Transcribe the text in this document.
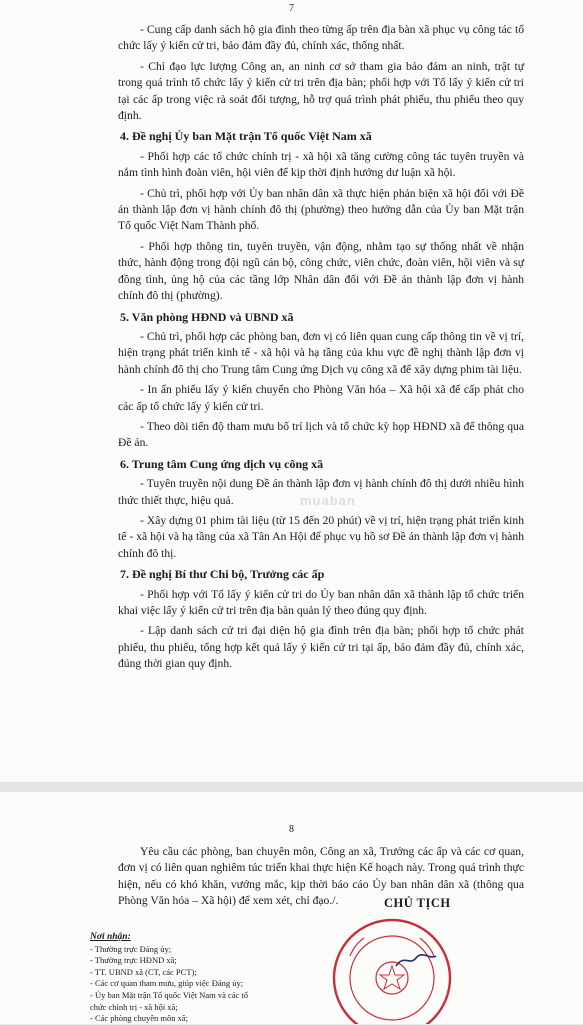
7

- Cung cấp danh sách hộ gia đình theo từng ấp trên địa bàn xã phục vụ công tác tổ chức lấy ý kiến cử tri, bảo đảm đầy đủ, chính xác, thống nhất.

- Chỉ đạo lực lượng Công an, an ninh cơ sở tham gia bảo đảm an ninh, trật tự trong quá trình tổ chức lấy ý kiến cử tri trên địa bàn; phối hợp với Tổ lấy ý kiến cử tri tại các ấp trong việc rà soát đối tượng, hỗ trợ quá trình phát phiếu, thu phiếu theo quy định.

4. Đề nghị Ủy ban Mặt trận Tổ quốc Việt Nam xã

- Phối hợp các tổ chức chính trị - xã hội xã tăng cường công tác tuyên truyền và nắm tình hình đoàn viên, hội viên để kịp thời định hướng dư luận xã hội.

- Chủ trì, phối hợp với Ủy ban nhân dân xã thực hiện phản biện xã hội đối với Đề án thành lập đơn vị hành chính đô thị (phường) theo hướng dẫn của Ủy ban Mặt trận Tổ quốc Việt Nam Thành phố.

- Phối hợp thông tin, tuyên truyền, vận động, nhằm tạo sự thống nhất về nhận thức, hành động trong đội ngũ cán bộ, công chức, viên chức, đoàn viên, hội viên và sự đồng tình, ủng hộ của các tầng lớp Nhân dân đối với Đề án thành lập đơn vị hành chính đô thị (phường).

5. Văn phòng HĐND và UBND xã

- Chủ trì, phối hợp các phòng ban, đơn vị có liên quan cung cấp thông tin về vị trí, hiện trạng phát triển kinh tế - xã hội và hạ tầng của khu vực đề nghị thành lập đơn vị hành chính đô thị cho Trung tâm Cung ứng Dịch vụ công xã để xây dựng phim tài liệu.

- In ấn phiếu lấy ý kiến chuyển cho Phòng Văn hóa – Xã hội xã để cấp phát cho các ấp tổ chức lấy ý kiến cử tri.

- Theo dõi tiến độ tham mưu bố trí lịch và tổ chức kỳ họp HĐND xã để thông qua Đề án.

6. Trung tâm Cung ứng dịch vụ công xã

- Tuyên truyền nội dung Đề án thành lập đơn vị hành chính đô thị dưới nhiều hình thức thiết thực, hiệu quả.

- Xây dựng 01 phim tài liệu (từ 15 đến 20 phút) về vị trí, hiện trạng phát triển kinh tế - xã hội và hạ tầng của xã Tân An Hội để phục vụ hồ sơ Đề án thành lập đơn vị hành chính đô thị.

7. Đề nghị Bí thư Chi bộ, Trưởng các ấp

- Phối hợp với Tổ lấy ý kiến cử tri do Ủy ban nhân dân xã thành lập tổ chức triển khai việc lấy ý kiến cử tri trên địa bàn quản lý theo đúng quy định.

- Lập danh sách cử tri đại diện hộ gia đình trên địa bàn; phối hợp tổ chức phát phiếu, thu phiếu, tổng hợp kết quả lấy ý kiến cử tri tại ấp, bảo đảm đầy đủ, chính xác, đúng thời gian quy định.

muaban
8

Yêu cầu các phòng, ban chuyên môn, Công an xã, Trưởng các ấp và các cơ quan, đơn vị có liên quan nghiêm túc triển khai thực hiện Kế hoạch này. Trong quá trình thực hiện, nếu có khó khăn, vướng mắc, kịp thời báo cáo Ủy ban nhân dân xã (thông qua Phòng Văn hóa – Xã hội) để xem xét, chỉ đạo./.

Nơi nhận:
- Thường trực Đảng ủy;
- Thường trực HĐND xã;
- TT. UBND xã (CT, các PCT);
- Các cơ quan tham mưu, giúp việc Đảng ủy;
- Ủy ban Mặt trận Tổ quốc Việt Nam và các tổ
chức chính trị - xã hội xã;
- Các phòng chuyên môn xã;
CHỦ TỊCH
